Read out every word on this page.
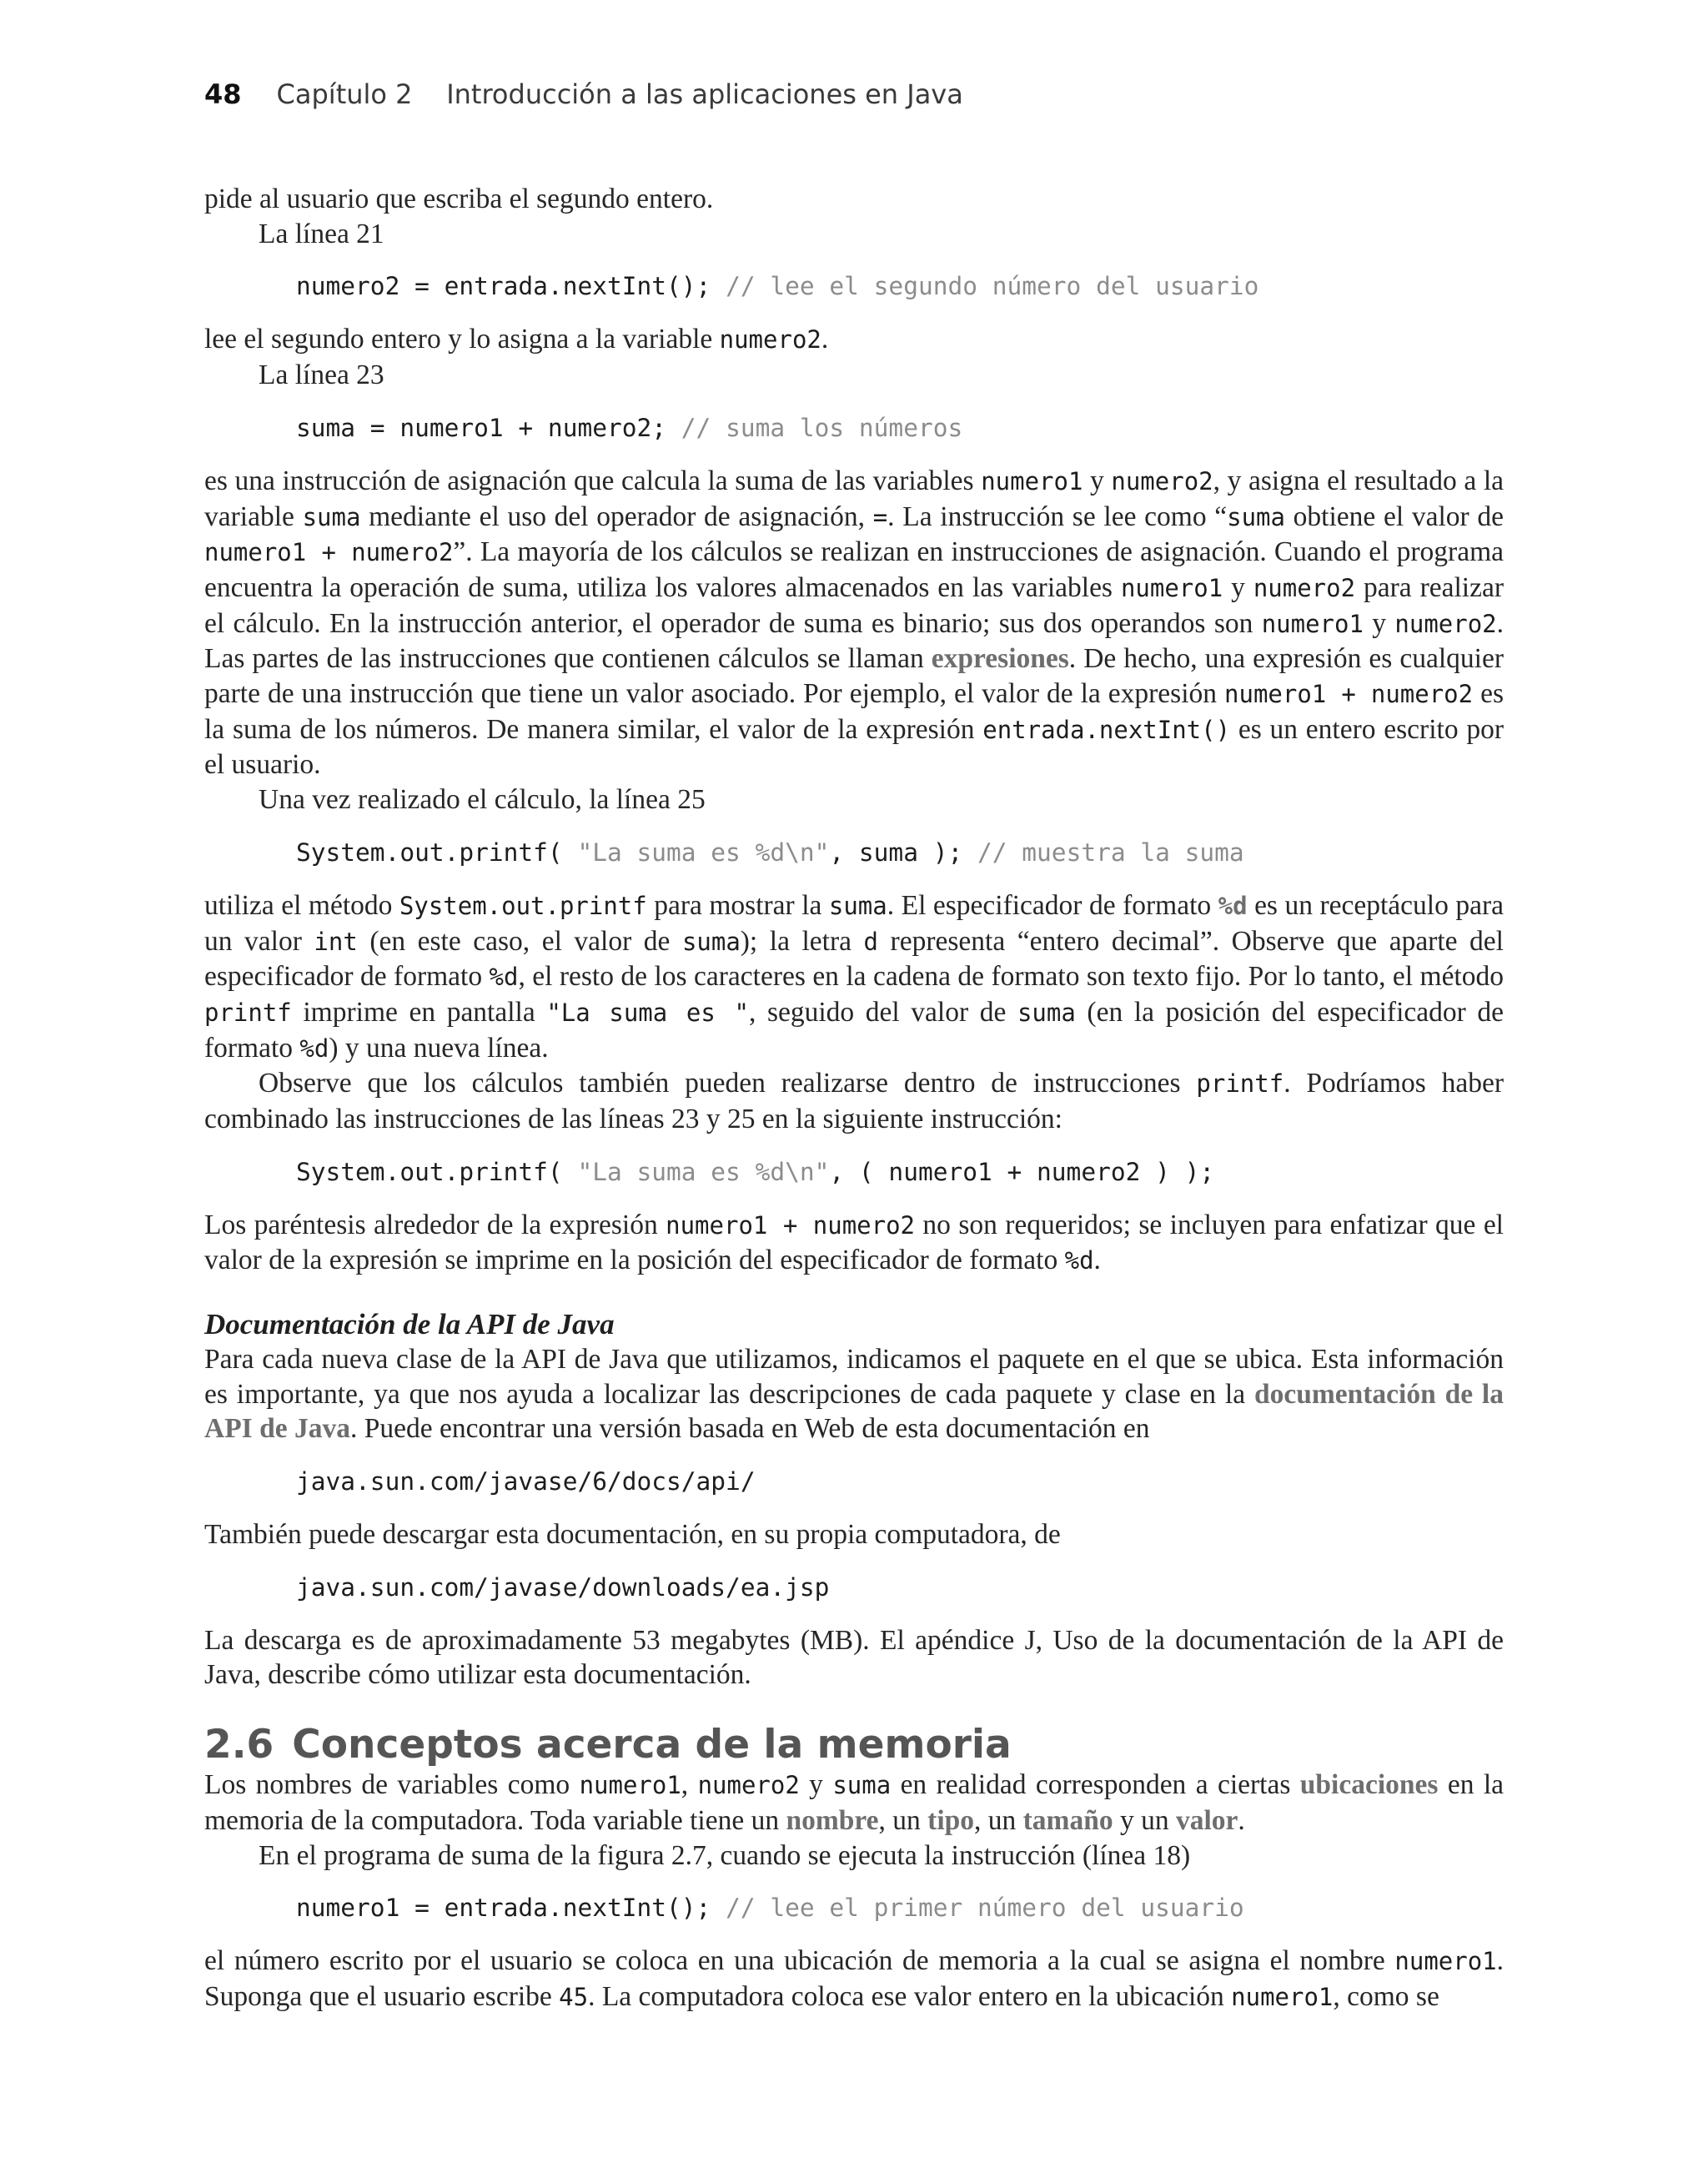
48 Capítulo 2    Introducción a las aplicaciones en Java

pide al usuario que escriba el segundo entero.

La línea 21

numero2 = entrada.nextInt(); // lee el segundo número del usuario

lee el segundo entero y lo asigna a la variable numero2.

La línea 23

suma = numero1 + numero2; // suma los números

es una instrucción de asignación que calcula la suma de las variables numero1 y numero2, y asigna el resultado a la variable suma mediante el uso del operador de asignación, =. La instrucción se lee como “suma obtiene el valor de numero1 + numero2”. La mayoría de los cálculos se realizan en instrucciones de asignación. Cuando el programa encuentra la operación de suma, utiliza los valores almacenados en las variables numero1 y numero2 para realizar el cálculo. En la instrucción anterior, el operador de suma es binario; sus dos operandos son numero1 y numero2. Las partes de las instrucciones que contienen cálculos se llaman expresiones. De hecho, una expresión es cualquier parte de una instrucción que tiene un valor asociado. Por ejemplo, el valor de la expresión numero1 + numero2 es la suma de los números. De manera similar, el valor de la expresión entrada.nextInt() es un entero escrito por el usuario.

Una vez realizado el cálculo, la línea 25

System.out.printf( "La suma es %d\n", suma ); // muestra la suma

utiliza el método System.out.printf para mostrar la suma. El especificador de formato %d es un receptáculo para un valor int (en este caso, el valor de suma); la letra d representa “entero decimal”. Observe que aparte del especificador de formato %d, el resto de los caracteres en la cadena de formato son texto fijo. Por lo tanto, el método printf imprime en pantalla "La suma es ", seguido del valor de suma (en la posición del especificador de formato %d) y una nueva línea.

Observe que los cálculos también pueden realizarse dentro de instrucciones printf. Podríamos haber combinado las instrucciones de las líneas 23 y 25 en la siguiente instrucción:

System.out.printf( "La suma es %d\n", ( numero1 + numero2 ) );

Los paréntesis alrededor de la expresión numero1 + numero2 no son requeridos; se incluyen para enfatizar que el valor de la expresión se imprime en la posición del especificador de formato %d.

Documentación de la API de Java

Para cada nueva clase de la API de Java que utilizamos, indicamos el paquete en el que se ubica. Esta información es importante, ya que nos ayuda a localizar las descripciones de cada paquete y clase en la documentación de la API de Java. Puede encontrar una versión basada en Web de esta documentación en

java.sun.com/javase/6/docs/api/

También puede descargar esta documentación, en su propia computadora, de

java.sun.com/javase/downloads/ea.jsp

La descarga es de aproximadamente 53 megabytes (MB). El apéndice J, Uso de la documentación de la API de Java, describe cómo utilizar esta documentación.

2.6 Conceptos acerca de la memoria

Los nombres de variables como numero1, numero2 y suma en realidad corresponden a ciertas ubicaciones en la memoria de la computadora. Toda variable tiene un nombre, un tipo, un tamaño y un valor.

En el programa de suma de la figura 2.7, cuando se ejecuta la instrucción (línea 18)

numero1 = entrada.nextInt(); // lee el primer número del usuario

el número escrito por el usuario se coloca en una ubicación de memoria a la cual se asigna el nombre numero1. Suponga que el usuario escribe 45. La computadora coloca ese valor entero en la ubicación numero1, como se
